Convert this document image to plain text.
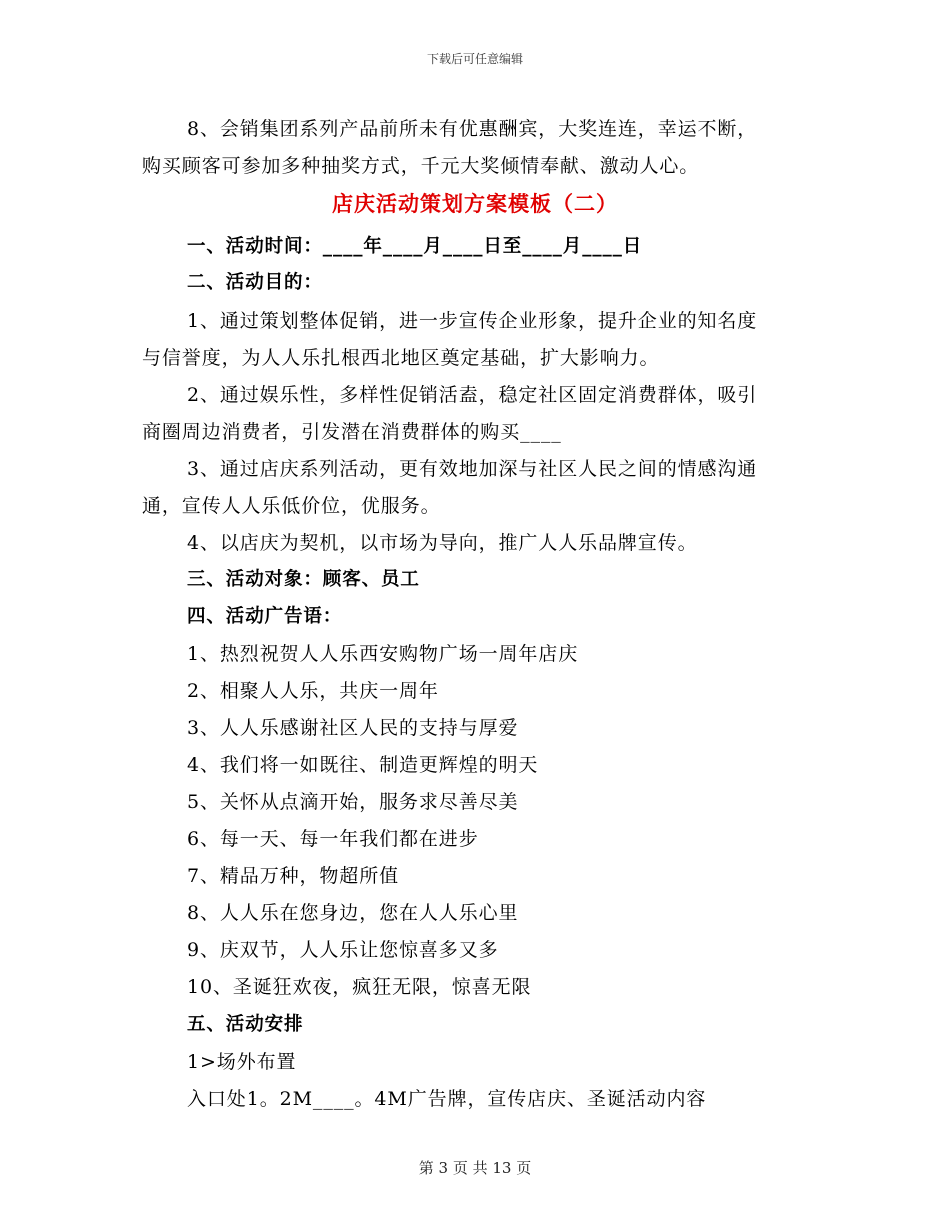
下载后可任意编辑
8、会销集团系列产品前所未有优惠酬宾，大奖连连，幸运不断，
购买顾客可参加多种抽奖方式，千元大奖倾情奉献、激动人心。
店庆活动策划方案模板（二）
一、活动时间：____年____月____日至____月____日
二、活动目的：
1、通过策划整体促销，进一步宣传企业形象，提升企业的知名度
与信誉度，为人人乐扎根西北地区奠定基础，扩大影响力。
2、通过娱乐性，多样性促销活盍，稳定社区固定消费群体，吸引
商圈周边消费者，引发潜在消费群体的购买____
3、通过店庆系列活动，更有效地加深与社区人民之间的情感沟通
通，宣传人人乐低价位，优服务。
4、以店庆为契机，以市场为导向，推广人人乐品牌宣传。
三、活动对象：顾客、员工
四、活动广告语：
1、热烈祝贺人人乐西安购物广场一周年店庆
2、相聚人人乐，共庆一周年
3、人人乐感谢社区人民的支持与厚爱
4、我们将一如既往、制造更辉煌的明天
5、关怀从点滴开始，服务求尽善尽美
6、每一天、每一年我们都在进步
7、精品万种，物超所值
8、人人乐在您身边，您在人人乐心里
9、庆双节，人人乐让您惊喜多又多
10、圣诞狂欢夜，疯狂无限，惊喜无限
五、活动安排
1>场外布置
入口处1。2M____。4M广告牌，宣传店庆、圣诞活动内容
第 3 页 共 13 页
